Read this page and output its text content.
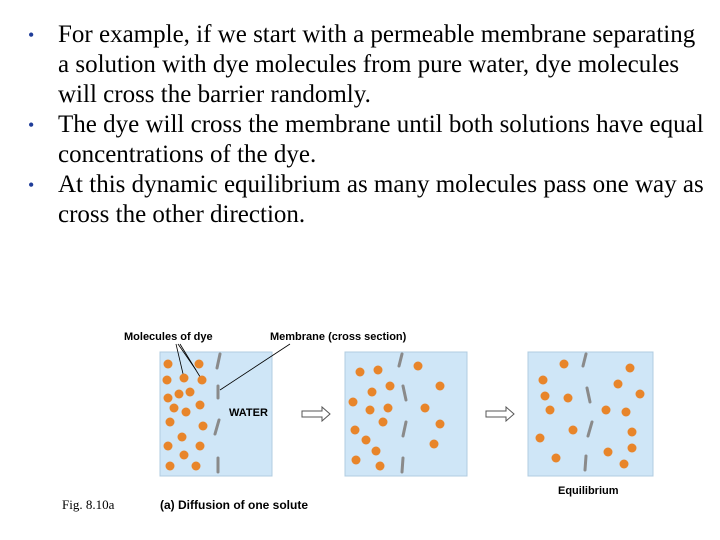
• For example, if we start with a permeable membrane separating a solution with dye molecules from pure water, dye molecules will cross the barrier randomly.
• The dye will cross the membrane until both solutions have equal concentrations of the dye.
• At this dynamic equilibrium as many molecules pass one way as cross the other direction.
Molecules of dye	Membrane (cross section)
WATER
Equilibrium
Fig. 8.10a	(a) Diffusion of one solute
